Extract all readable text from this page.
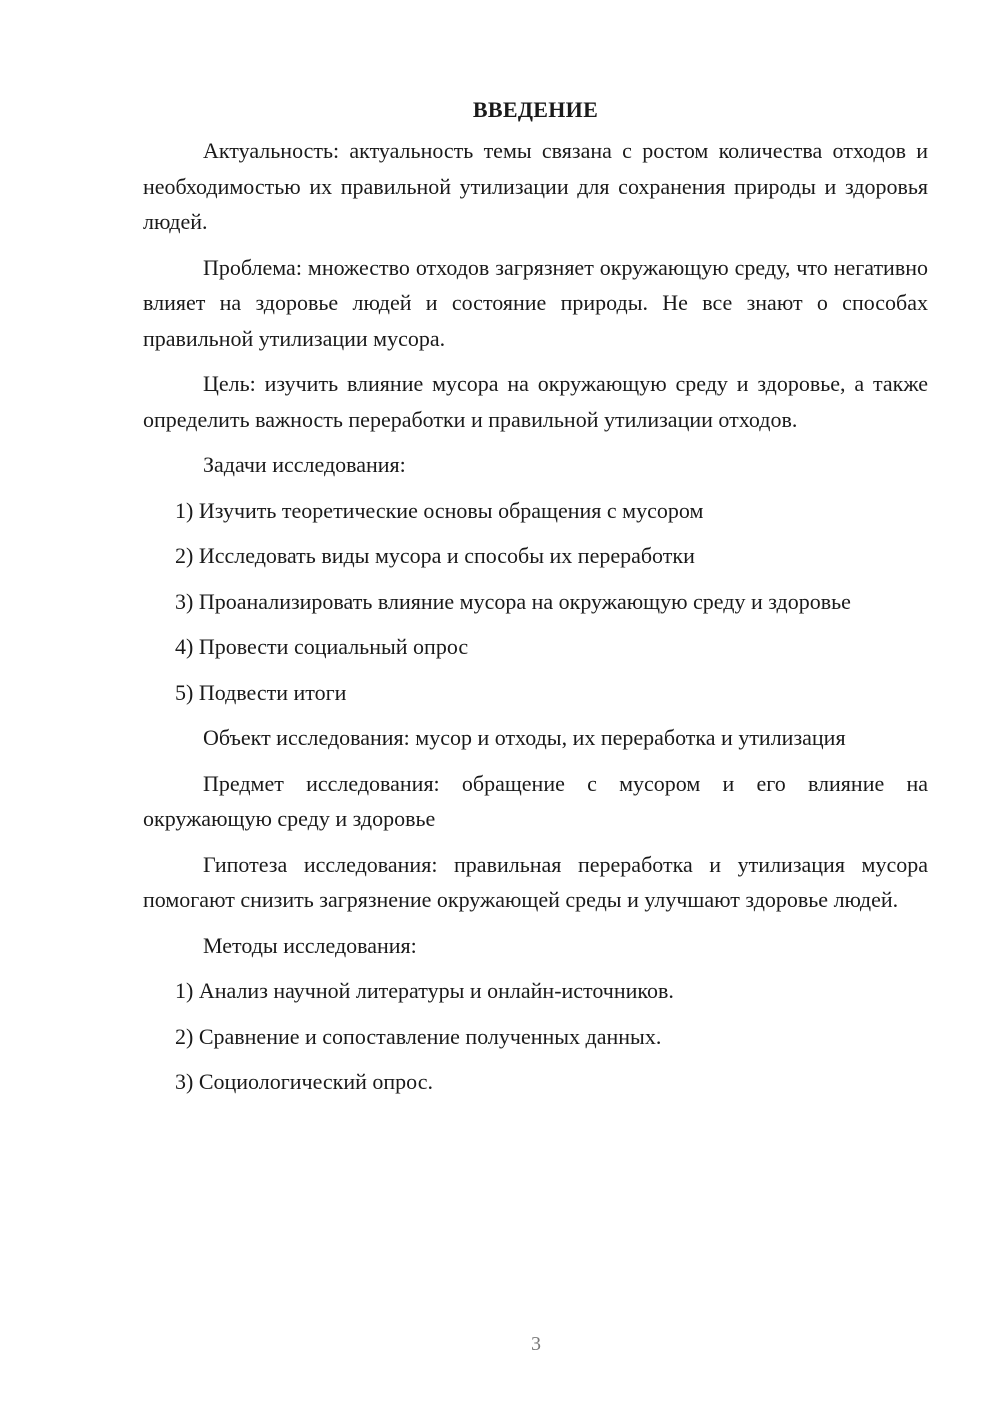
ВВЕДЕНИЕ

Актуальность: актуальность темы связана с ростом количества отходов и необходимостью их правильной утилизации для сохранения природы и здоровья людей.

Проблема: множество отходов загрязняет окружающую среду, что негативно влияет на здоровье людей и состояние природы. Не все знают о способах правильной утилизации мусора.

Цель: изучить влияние мусора на окружающую среду и здоровье, а также определить важность переработки и правильной утилизации отходов.

Задачи исследования:

1) Изучить теоретические основы обращения с мусором

2) Исследовать виды мусора и способы их переработки

3) Проанализировать влияние мусора на окружающую среду и здоровье

4) Провести социальный опрос

5) Подвести итоги

Объект исследования: мусор и отходы, их переработка и утилизация

Предмет исследования: обращение с мусором и его влияние на окружающую среду и здоровье

Гипотеза исследования: правильная переработка и утилизация мусора помогают снизить загрязнение окружающей среды и улучшают здоровье людей.

Методы исследования:

1) Анализ научной литературы и онлайн-источников.

2) Сравнение и сопоставление полученных данных.

3) Социологический опрос.

3
